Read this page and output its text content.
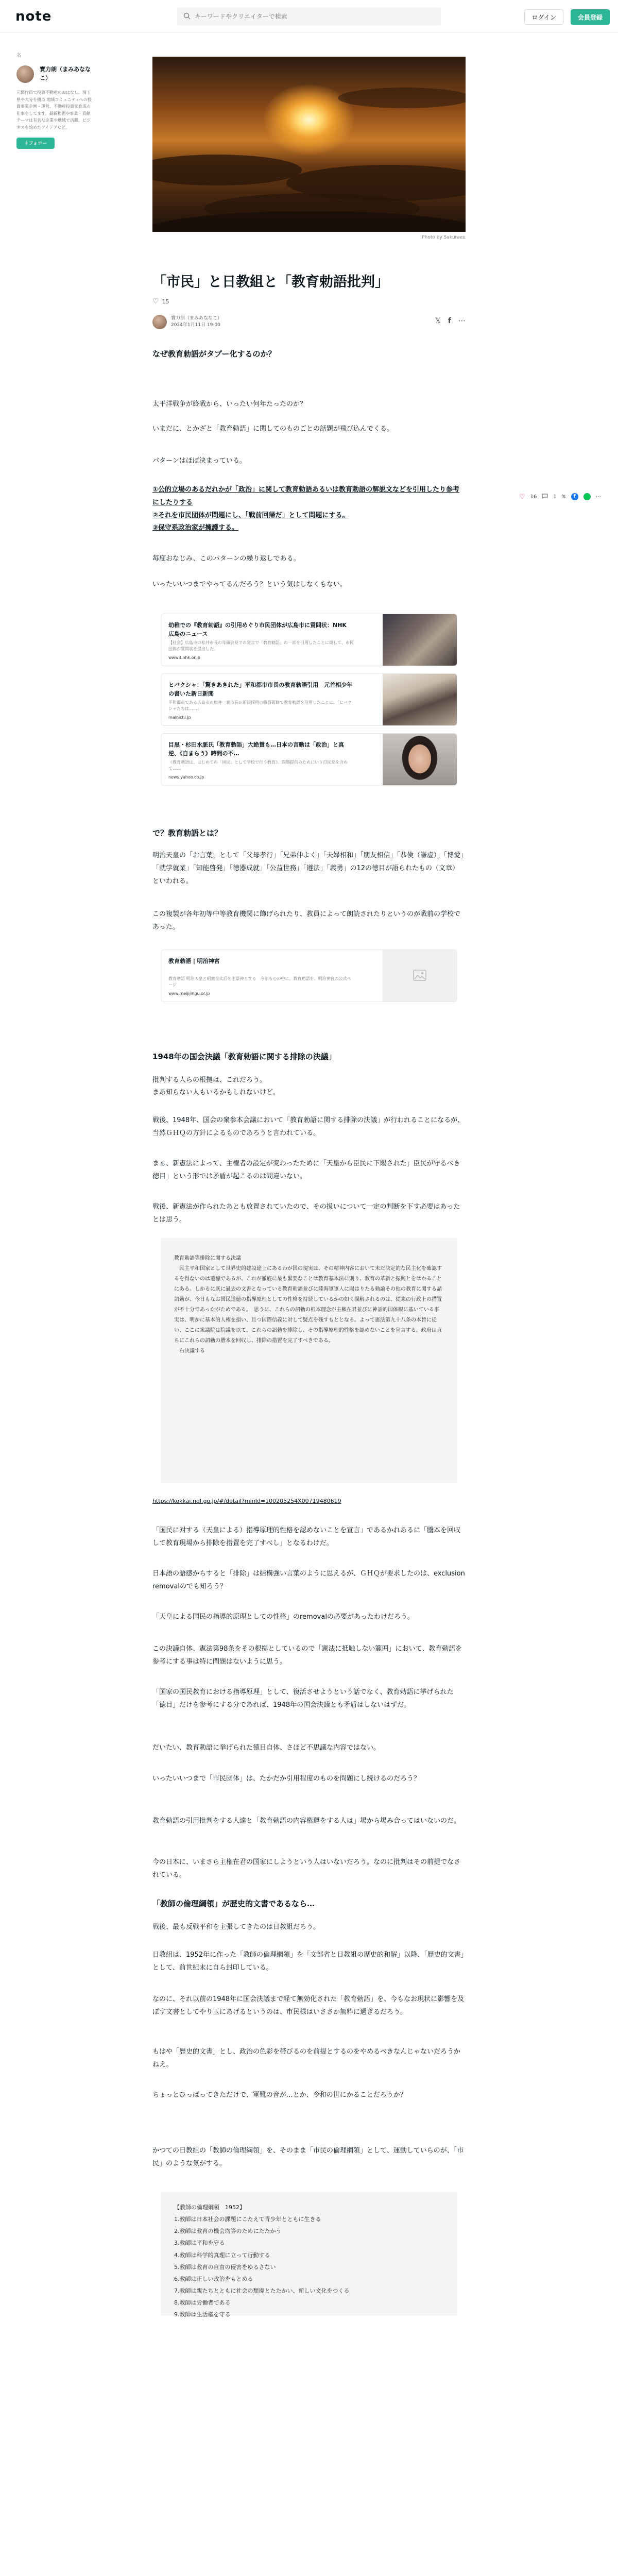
note
キーワードやクリエイターで検索	ログイン	会員登録
名
寶力朗（まみあななこ）
元銀行員で投資不動産のおはなし。埼玉県や大分を拠点 地域コミュニティへの投資事業企画・運営、不動産投資家育成の仕事をしてます。最新動画や事業・貢献テーマは有名な企業や地域で活躍、ビジネスを始めたアイデアなど。
＋ フォロー
♡ 16	1 𝕏	f	⋯
Photo by Sakuraeu
「市民」と日教組と「教育勅語批判」
♡ 15
寶力朗（まみあななこ）
2024年1月11日 19:00	𝕏 f ⋯
なぜ教育勅語がタブー化するのか？

太平洋戦争が終戦から、いったい何年たったのか？

いまだに、とかざと「教育勅語」に関してのものごとの話題が飛び込んでくる。

パターンはほぼ決まっている。

①公的立場のあるだれかが「政治」に関して教育勅語あるいは教育勅語の解説文などを引用したり参考にしたりする

②それを市民団体が問題にし、「戦前回帰だ」として問題にする。

③保守系政治家が擁護する。

毎度おなじみ、このパターンの繰り返しである。

いったいいつまでやってるんだろう？という気はしなくもない。

幼稚での『教育勅語』の引用めぐり市民団体が広島市に質問状：NHK 広島のニュース
【社会】広島市の松井市長の年頭会見での発言で「教育勅語」の一部を引用したことに関して、市民団体が質問状を提出した。
www3.nhk.or.jp
ヒバクシャ：「驚きあきれた」平和都市市長の教育勅語引用　元首相少年の書いた新日新聞
平和都市である広島市の松井一實市長が新規採用の職員研修で教育勅語を引用したことに、「ヒバクシャたちは……」
mainichi.jp
目黒・杉田水脈氏「教育勅語」大絶賛も…日本の言動は「政治」と真逆、《自まらう》時間の不…
《教育勅語は、はじめての「国民」として学校で行う教育》。問題提供のためにいう自民党を含めて……
news.yahoo.co.jp
で？教育勅語とは？

明治天皇の「お言葉」として「父母孝行」「兄弟仲よく」「夫婦相和」「朋友相信」「恭倹（謙虚）」「博愛」「就学就業」「知能啓発」「徳器成就」「公益世務」「遵法」「義勇」の12の徳目が語られたもの（文章）といわれる。

この複製が各年初等中等教育機関に飾げられたり、教員によって朗読されたりというのが戦前の学校であった。

教育勅語 | 明治神宮
教育勅語 明治天皇と昭憲皇太后を主祭神とする　今年も心の中に、教育勅語を。明治神宮の公式ページ
www.meijijingu.or.jp
1948年の国会決議「教育勅語に関する排除の決議」

批判する人らの根拠は、これだろう。

まあ知らない人もいるかもしれないけど。

戦後、1948年、国会の衆参本会議において「教育勅語に関する排除の決議」が行われることになるが、当然ＧＨＱの方針によるものであろうと言われている。

まぁ、新憲法によって、主権者の設定が変わったために「天皇から臣民に下賜された」臣民が守るべき徳目」という形では矛盾が起こるのは間違いない。

戦後、新憲法が作られたあとも放置されていたので、その扱いについて一定の判断を下す必要はあったとは思う。

教育勅語等排除に関する決議
民主平和国家として世界史的建設途上にあるわが国の現実は、その精神内容において未だ決定的な民主化を確認するを得ないのは遺憾であるが、これが徹底に最も緊要なことは教育基本法に則り、教育の革新と振興とをはかることにある。しかるに既に過去の文書となっている教育勅語並びに陸海軍軍人に賜はりたる勅諭その他の教育に関する諸詔勅が、今日もなお国民道徳の指導原理としての性格を持続しているかの如く誤解されるのは、従来の行政上の措置が不十分であったがためである。　思うに、これらの詔勅の根本理念が主権在君並びに神話的国体観に基いている事実は、明かに基本的人権を損い、且つ国際信義に対して疑点を残すもととなる。よって憲法第九十八条の本旨に従い、ここに衆議院は院議を以て、これらの詔勅を排除し、その指導原理的性格を認めないことを宣言する。政府は直ちにこれらの詔勅の謄本を回収し、排除の措置を完了すべきである。
右決議する
https://kokkai.ndl.go.jp/#/detail?minId=100205254X00719480619

「国民に対する（天皇による）指導原理的性格を認めないことを宣言」であるかれあるに「謄本を回収して教育現場から排除を措置を完了すべし」となるわけだ。

日本語の語感からすると「排除」は結構強い言葉のように思えるが、ＧＨＱが要求したのは、exclusion　removalのでも知ろう？

「天皇による国民の指導的原理としての性格」のremovalの必要があったわけだろう。

この決議自体、憲法第98条をその根拠としているので「憲法に抵触しない範囲」において、教育勅語を参考にする事は特に問題はないように思う。

「国家の国民教育における指導原理」として、復活させようという話でなく、教育勅語に挙げられた「徳目」だけを参考にする分であれば、1948年の国会決議とも矛盾はしないはずだ。

だいたい、教育勅語に挙げられた徳目自体、さほど不思議な内容ではない。

いったいいつまで「市民団体」は、たかだか引用程度のものを問題にし続けるのだろう？

教育勅語の引用批判をする人達と「教育勅語の内容権運をする人は」場から場み合ってはいないのだ。

今の日本に、いまさら主権在君の国家にしようという人はいないだろう。なのに批判はその前提でなされている。

「教師の倫理綱領」が歴史的文書であるなら…

戦後、最も反戦平和を主張してきたのは日教組だろう。

日教組は、1952年に作った「教師の倫理綱領」を「文部省と日教組の歴史的和解」以降、「歴史的文書」として、前世紀末に自ら封印している。

なのに、それ以前の1948年に国会決議まで経て無効化された「教育勅語」を、今もなお現状に影響を及ぼす文書としてやり玉にあげるというのは、市民様はいささか無粋に過ぎるだろう。

もはや「歴史的文書」とし、政治の色彩を帯びるのを前提とするのをやめるべきなんじゃないだろうかねえ。

ちょっとひっぱってきただけで、軍靴の音が…とか、令和の世にかることだろうか？

かつての日教組の「教師の倫理綱領」を、そのまま「市民の倫理綱領」として、運動していらのが、「市民」のような気がする。

【教師の倫理綱領　1952】
1.教師は日本社会の課題にこたえて青少年とともに生きる
2.教師は教育の機会均等のためにたたかう
3.教師は平和を守る
4.教師は科学的真理に立って行動する
5.教師は教育の自由の侵害をゆるさない
6.教師は正しい政治をもとめる
7.教師は親たちとともに社会の頽廃とたたかい、新しい文化をつくる
8.教師は労働者である
9.教師は生活権を守る
